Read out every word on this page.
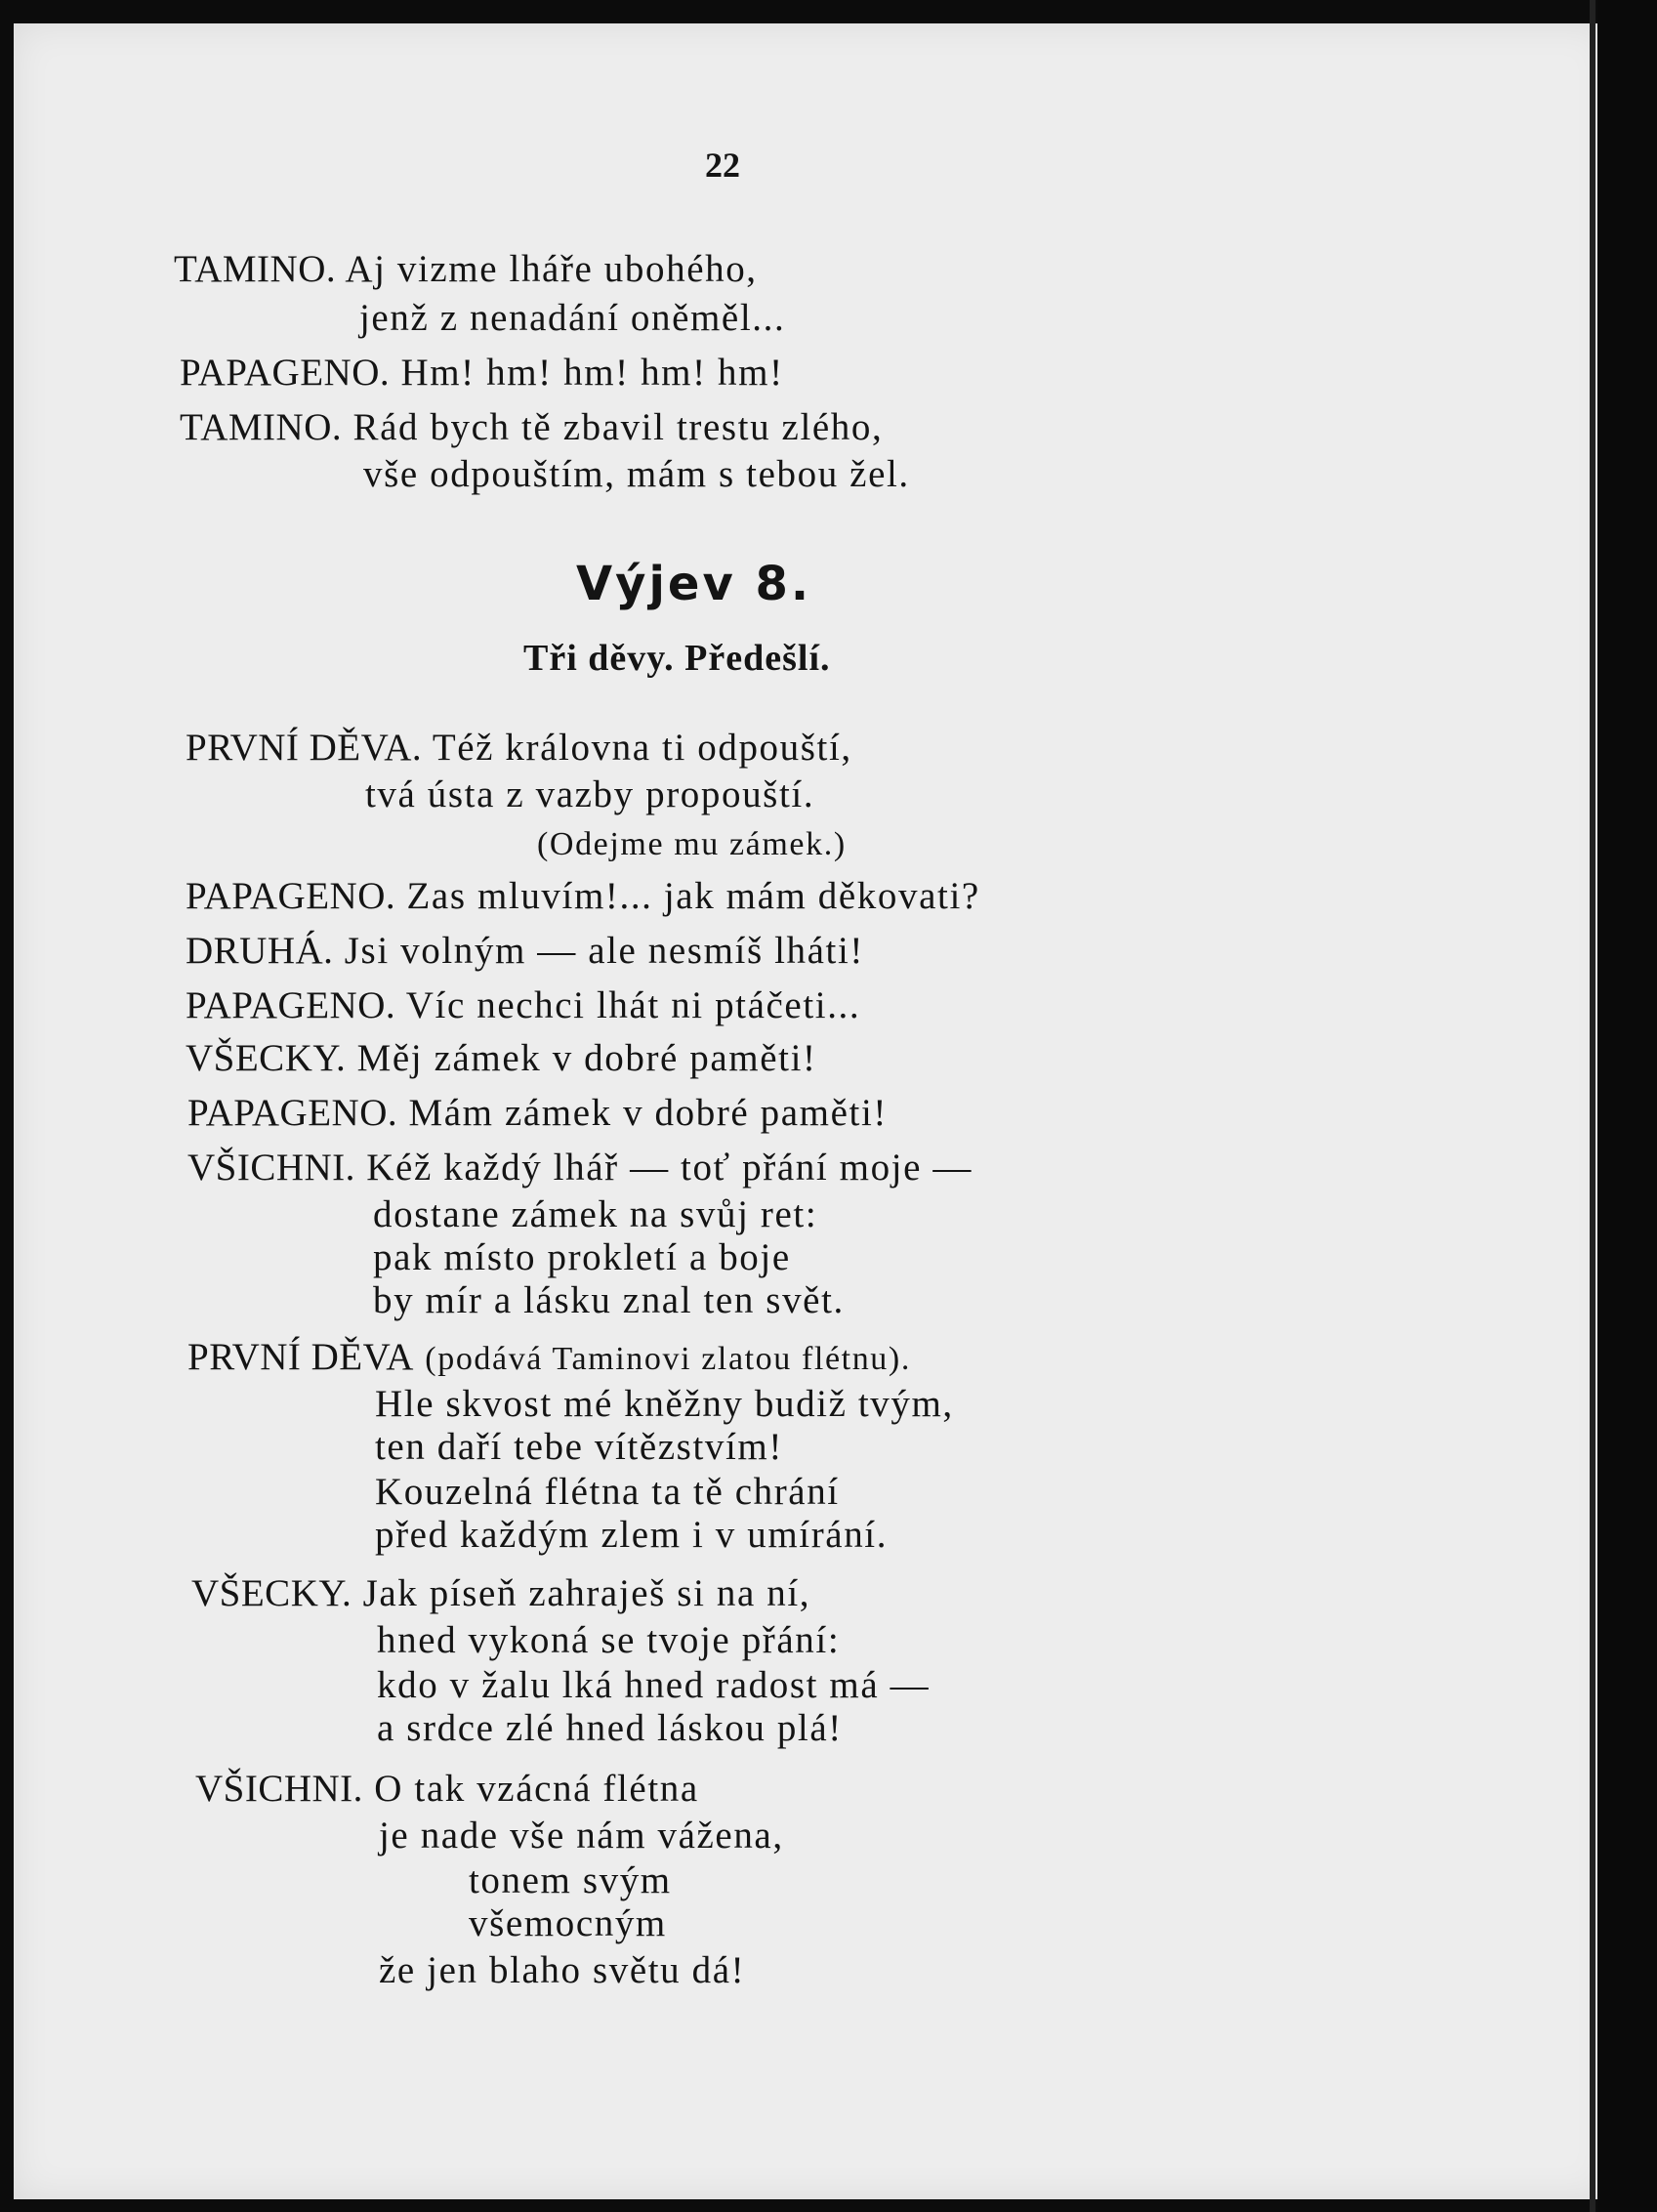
22
TAMINO. Aj vizme lháře ubohého,
jenž z nenadání oněměl...
PAPAGENO. Hm! hm! hm! hm! hm!
TAMINO. Rád bych tě zbavil trestu zlého,
vše odpouštím, mám s tebou žel.
Výjev 8.
Tři děvy. Předešlí.
PRVNÍ DĚVA. Též královna ti odpouští,
tvá ústa z vazby propouští.
(Odejme mu zámek.)
PAPAGENO. Zas mluvím!... jak mám děkovati?
DRUHÁ. Jsi volným — ale nesmíš lháti!
PAPAGENO. Víc nechci lhát ni ptáčeti...
VŠECKY. Měj zámek v dobré paměti!
PAPAGENO. Mám zámek v dobré paměti!
VŠICHNI. Kéž každý lhář — toť přání moje —
dostane zámek na svůj ret:
pak místo prokletí a boje
by mír a lásku znal ten svět.
PRVNÍ DĚVA (podává Taminovi zlatou flétnu).
Hle skvost mé kněžny budiž tvým,
ten daří tebe vítězstvím!
Kouzelná flétna ta tě chrání
před každým zlem i v umírání.
VŠECKY. Jak píseň zahraješ si na ní,
hned vykoná se tvoje přání:
kdo v žalu lká hned radost má —
a srdce zlé hned láskou plá!
VŠICHNI. O tak vzácná flétna
je nade vše nám vážena,
tonem svým
všemocným
že jen blaho světu dá!
